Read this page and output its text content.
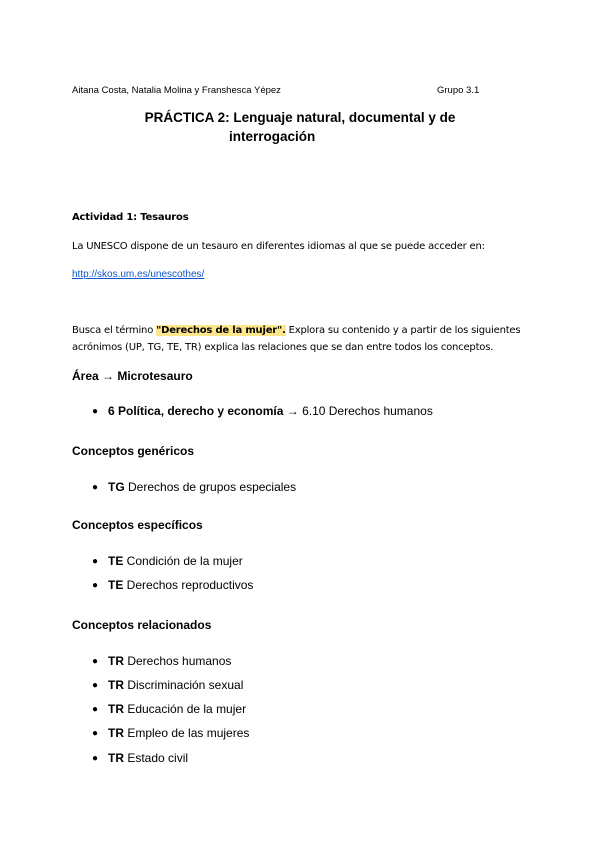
Aitana Costa, Natalia Molina y Franshesca Yépez	Grupo 3.1
PRÁCTICA 2: Lenguaje natural, documental y de
interrogación
Actividad 1: Tesauros
La UNESCO dispone de un tesauro en diferentes idiomas al que se puede acceder en:
http://skos.um.es/unescothes/
Busca el término "Derechos de la mujer". Explora su contenido y a partir de los siguientes
acrónimos (UP, TG, TE, TR) explica las relaciones que se dan entre todos los conceptos.
Área → Microtesauro
● 6 Política, derecho y economía → 6.10 Derechos humanos
Conceptos genéricos
● TG Derechos de grupos especiales
Conceptos específicos
● TE Condición de la mujer
● TE Derechos reproductivos
Conceptos relacionados
● TR Derechos humanos
● TR Discriminación sexual
● TR Educación de la mujer
● TR Empleo de las mujeres
● TR Estado civil
